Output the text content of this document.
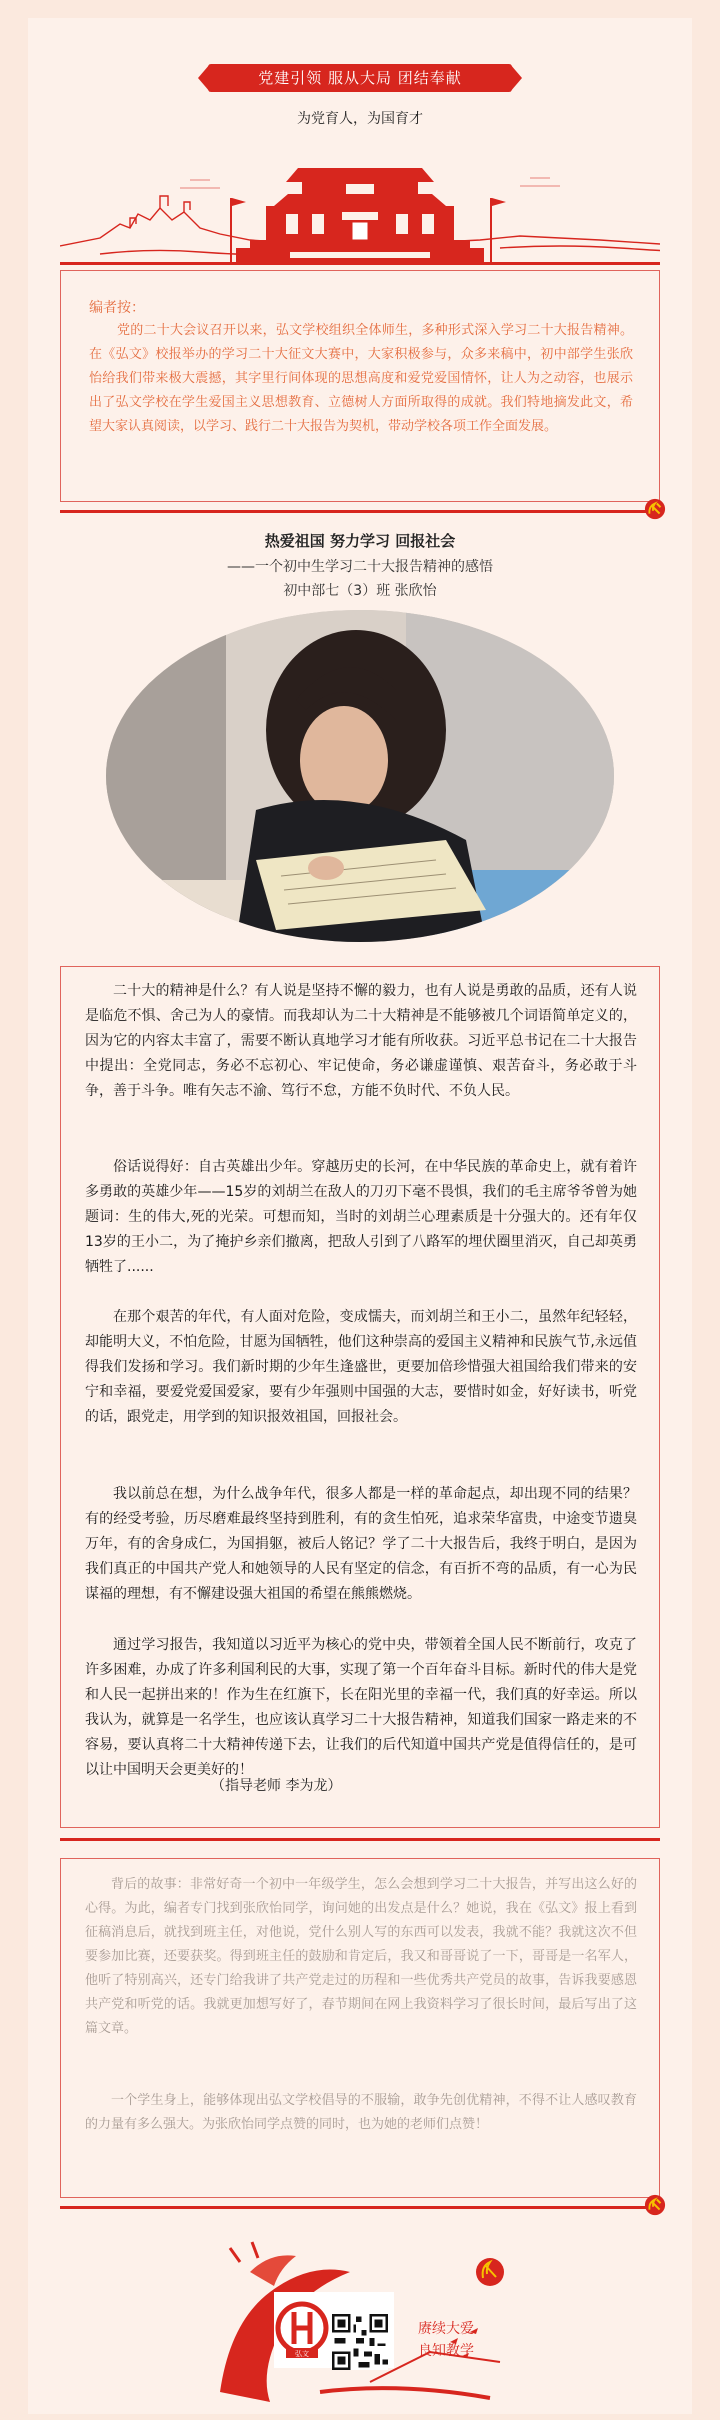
党建引领 服从大局 团结奉献
为党育人，为国育才
天安门
编者按：
党的二十大会议召开以来，弘文学校组织全体师生，多种形式深入学习二十大报告精神。在《弘文》校报举办的学习二十大征文大赛中，大家积极参与，众多来稿中，初中部学生张欣怡给我们带来极大震撼，其字里行间体现的思想高度和爱党爱国情怀，让人为之动容，也展示出了弘文学校在学生爱国主义思想教育、立德树人方面所取得的成就。我们特地摘发此文，希望大家认真阅读，以学习、践行二十大报告为契机，带动学校各项工作全面发展。
热爱祖国 努力学习 回报社会
——一个初中生学习二十大报告精神的感悟
初中部七（3）班 张欣怡
二十大的精神是什么？有人说是坚持不懈的毅力，也有人说是勇敢的品质，还有人说是临危不惧、舍己为人的豪情。而我却认为二十大精神是不能够被几个词语简单定义的，因为它的内容太丰富了，需要不断认真地学习才能有所收获。习近平总书记在二十大报告中提出：全党同志，务必不忘初心、牢记使命，务必谦虚谨慎、艰苦奋斗，务必敢于斗争，善于斗争。唯有矢志不渝、笃行不怠，方能不负时代、不负人民。
俗话说得好：自古英雄出少年。穿越历史的长河，在中华民族的革命史上，就有着许多勇敢的英雄少年——15岁的刘胡兰在敌人的刀刃下毫不畏惧，我们的毛主席爷爷曾为她题词：生的伟大,死的光荣。可想而知，当时的刘胡兰心理素质是十分强大的。还有年仅13岁的王小二，为了掩护乡亲们撤离，把敌人引到了八路军的埋伏圈里消灭，自己却英勇牺牲了......
在那个艰苦的年代，有人面对危险，变成懦夫，而刘胡兰和王小二，虽然年纪轻轻，却能明大义，不怕危险，甘愿为国牺牲，他们这种崇高的爱国主义精神和民族气节,永远值得我们发扬和学习。我们新时期的少年生逢盛世，更要加倍珍惜强大祖国给我们带来的安宁和幸福，要爱党爱国爱家，要有少年强则中国强的大志，要惜时如金，好好读书，听党的话，跟党走，用学到的知识报效祖国，回报社会。
我以前总在想，为什么战争年代，很多人都是一样的革命起点，却出现不同的结果？有的经受考验，历尽磨难最终坚持到胜利，有的贪生怕死，追求荣华富贵，中途变节遗臭万年，有的舍身成仁，为国捐躯，被后人铭记？学了二十大报告后，我终于明白，是因为我们真正的中国共产党人和她领导的人民有坚定的信念，有百折不弯的品质，有一心为民谋福的理想，有不懈建设强大祖国的希望在熊熊燃烧。
通过学习报告，我知道以习近平为核心的党中央，带领着全国人民不断前行，攻克了许多困难，办成了许多利国利民的大事，实现了第一个百年奋斗目标。新时代的伟大是党和人民一起拼出来的！作为生在红旗下，长在阳光里的幸福一代，我们真的好幸运。所以我认为，就算是一名学生，也应该认真学习二十大报告精神，知道我们国家一路走来的不容易，要认真将二十大精神传递下去，让我们的后代知道中国共产党是值得信任的，是可以让中国明天会更美好的！
（指导老师 李为龙）
背后的故事：非常好奇一个初中一年级学生，怎么会想到学习二十大报告，并写出这么好的心得。为此，编者专门找到张欣怡同学，询问她的出发点是什么？她说，我在《弘文》报上看到征稿消息后，就找到班主任，对他说，党什么别人写的东西可以发表，我就不能？我就这次不但要参加比赛，还要获奖。得到班主任的鼓励和肯定后，我又和哥哥说了一下，哥哥是一名军人，他听了特别高兴，还专门给我讲了共产党走过的历程和一些优秀共产党员的故事，告诉我要感恩共产党和听党的话。我就更加想写好了，春节期间在网上我资料学习了很长时间，最后写出了这篇文章。
一个学生身上，能够体现出弘文学校倡导的不服输，敢争先创优精神，不得不让人感叹教育的力量有多么强大。为张欣怡同学点赞的同时，也为她的老师们点赞！
弘文
赓续大爱
良知教学
